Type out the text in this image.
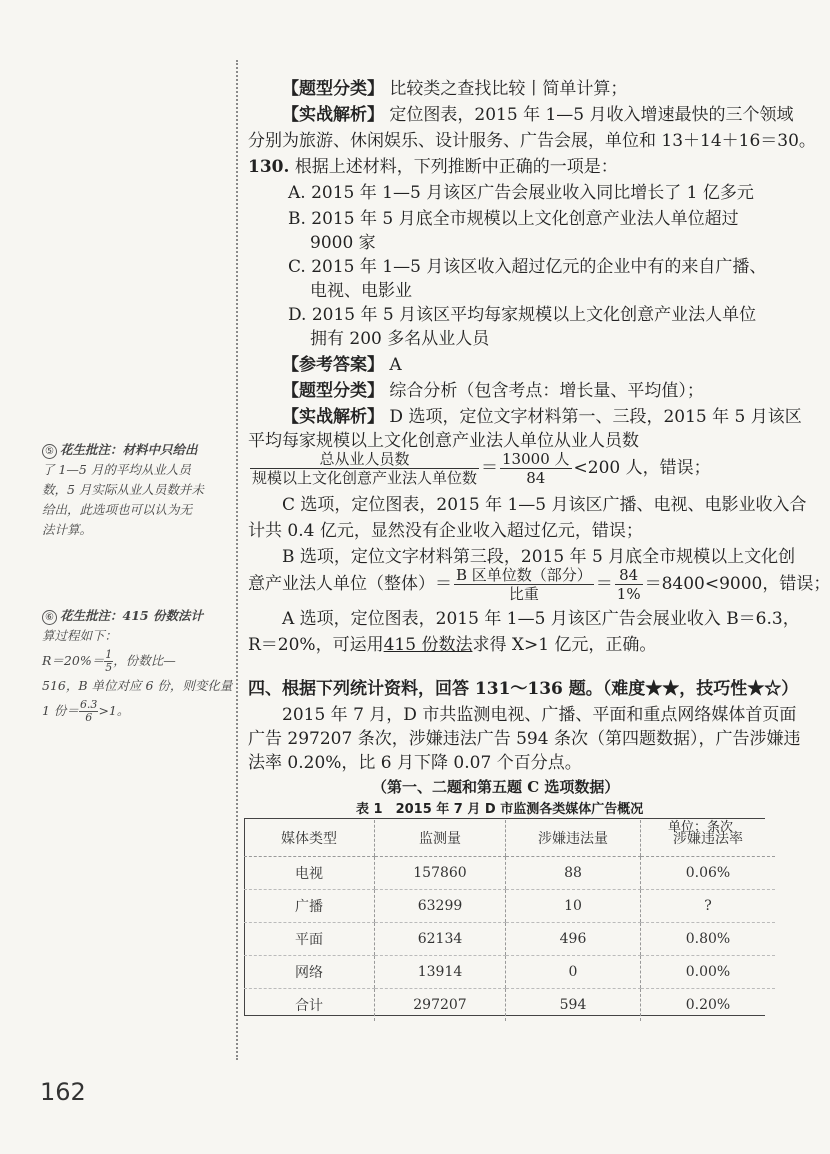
【题型分类】 比较类之查找比较丨简单计算；
【实战解析】 定位图表，2015 年 1—5 月收入增速最快的三个领域
分别为旅游、休闲娱乐、设计服务、广告会展，单位和 13＋14＋16＝30。
130. 根据上述材料，下列推断中正确的一项是：
A. 2015 年 1—5 月该区广告会展业收入同比增长了 1 亿多元
B. 2015 年 5 月底全市规模以上文化创意产业法人单位超过
9000 家
C. 2015 年 1—5 月该区收入超过亿元的企业中有的来自广播、
电视、电影业
D. 2015 年 5 月该区平均每家规模以上文化创意产业法人单位
拥有 200 多名从业人员
【参考答案】 A
【题型分类】 综合分析（包含考点：增长量、平均值）；
【实战解析】 D 选项，定位文字材料第一、三段，2015 年 5 月该区
平均每家规模以上文化创意产业法人单位从业人员数
$\frac{\text{总从业人员数}}{\text{规模以上文化创意产业法人单位数}} = \frac{\text{13000 人}}{84} <200$ 人，错误；
C 选项，定位图表，2015 年 1—5 月该区广播、电视、电影业收入合
计共 0.4 亿元，显然没有企业收入超过亿元，错误；
B 选项，定位文字材料第三段，2015 年 5 月底全市规模以上文化创
意产业法人单位（整体）＝ $\frac{\text{B 区单位数（部分）}}{\text{比重}} = \frac{84}{1\%} =8400<9000$，错误；
A 选项，定位图表，2015 年 1—5 月该区广告会展业收入 B＝6.3，
R＝20%，可运用415 份数法求得 X>1 亿元，正确。
四、根据下列统计资料，回答 131～136 题。（难度★★，技巧性★☆）
2015 年 7 月，D 市共监测电视、广播、平面和重点网络媒体首页面
广告 297207 条次，涉嫌违法广告 594 条次（第四题数据），广告涉嫌违
法率 0.20%，比 6 月下降 0.07 个百分点。
（第一、二题和第五题 C 选项数据）
表 1　2015 年 7 月 D 市监测各类媒体广告概况
单位：条次
媒体类型	监测量	涉嫌违法量	涉嫌违法率
电视	157860	88	0.06%
广播	63299	10	?
平面	62134	496	0.80%
网络	13914	0	0.00%
合计	297207	594	0.20%
⑤ 花生批注：材料中只给出
了 1—5 月的平均从业人员
数，5 月实际从业人员数并未
给出，此选项也可以认为无
法计算。
⑥ 花生批注：415 份数法计
算过程如下：
$R=20\%= \frac{1}{5}$ ，份数比—
516，B 单位对应 6 份，则变化量
1 份＝ $\frac{6.3}{6} >1$。
162
